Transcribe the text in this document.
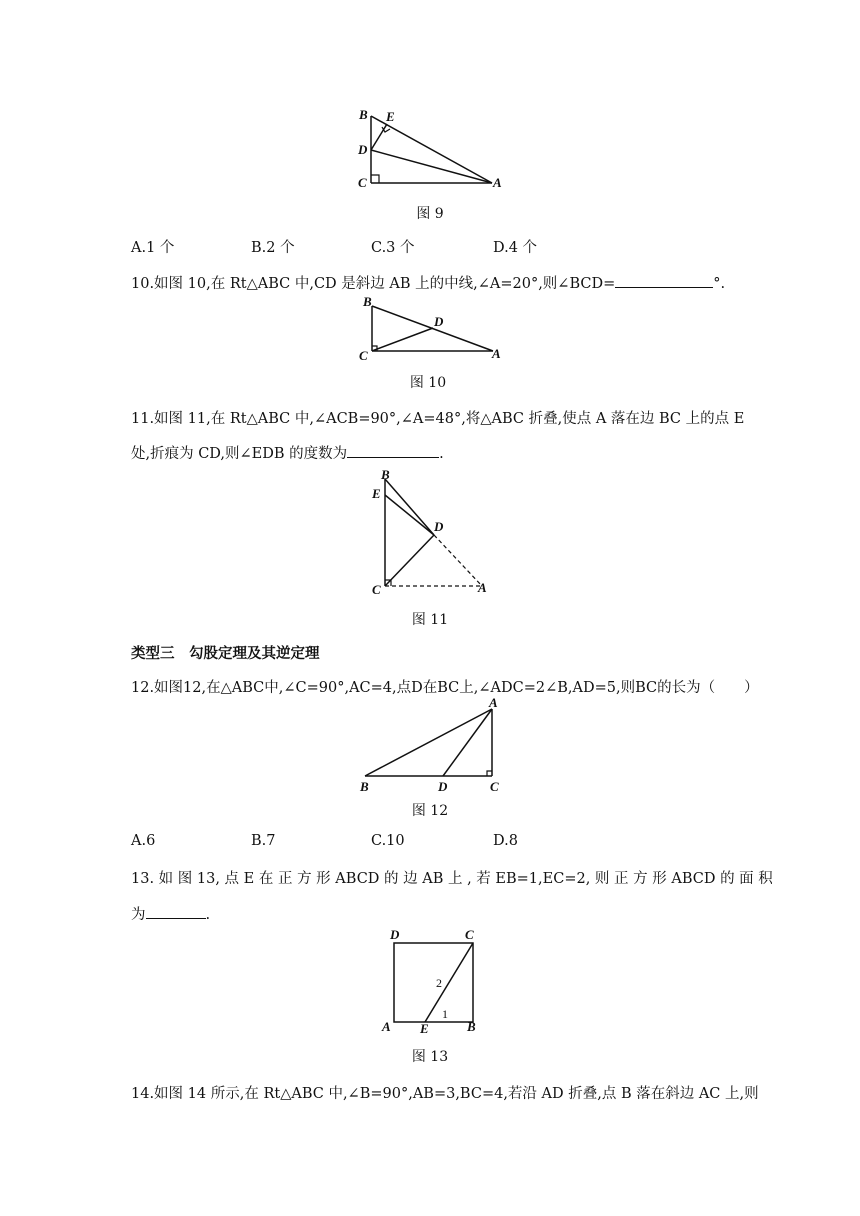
B E
D
C	A
图 9
A.1 个	B.2 个	C.3 个	D.4 个
10.如图 10,在 Rt△ABC 中,CD 是斜边 AB 上的中线,∠A=20°,则∠BCD=	°.
B
D
C	A
图 10
11.如图 11,在 Rt△ABC 中,∠ACB=90°,∠A=48°,将△ABC 折叠,使点 A 落在边 BC 上的点 E
处,折痕为 CD,则∠EDB 的度数为	.
B
E
D
C	A
图 11
类型三　勾股定理及其逆定理
12.如图12,在△ABC中,∠C=90°,AC=4,点D在BC上,∠ADC=2∠B,AD=5,则BC的长为（　　）
A
B	D	C
图 12
A.6	B.7	C.10	D.8
13. 如 图 13, 点 E 在 正 方 形 ABCD 的 边 AB 上 , 若 EB=1,EC=2, 则 正 方 形 ABCD 的 面 积
为	.
D	C
A E	B
2
1
图 13
14.如图 14 所示,在 Rt△ABC 中,∠B=90°,AB=3,BC=4,若沿 AD 折叠,点 B 落在斜边 AC 上,则
